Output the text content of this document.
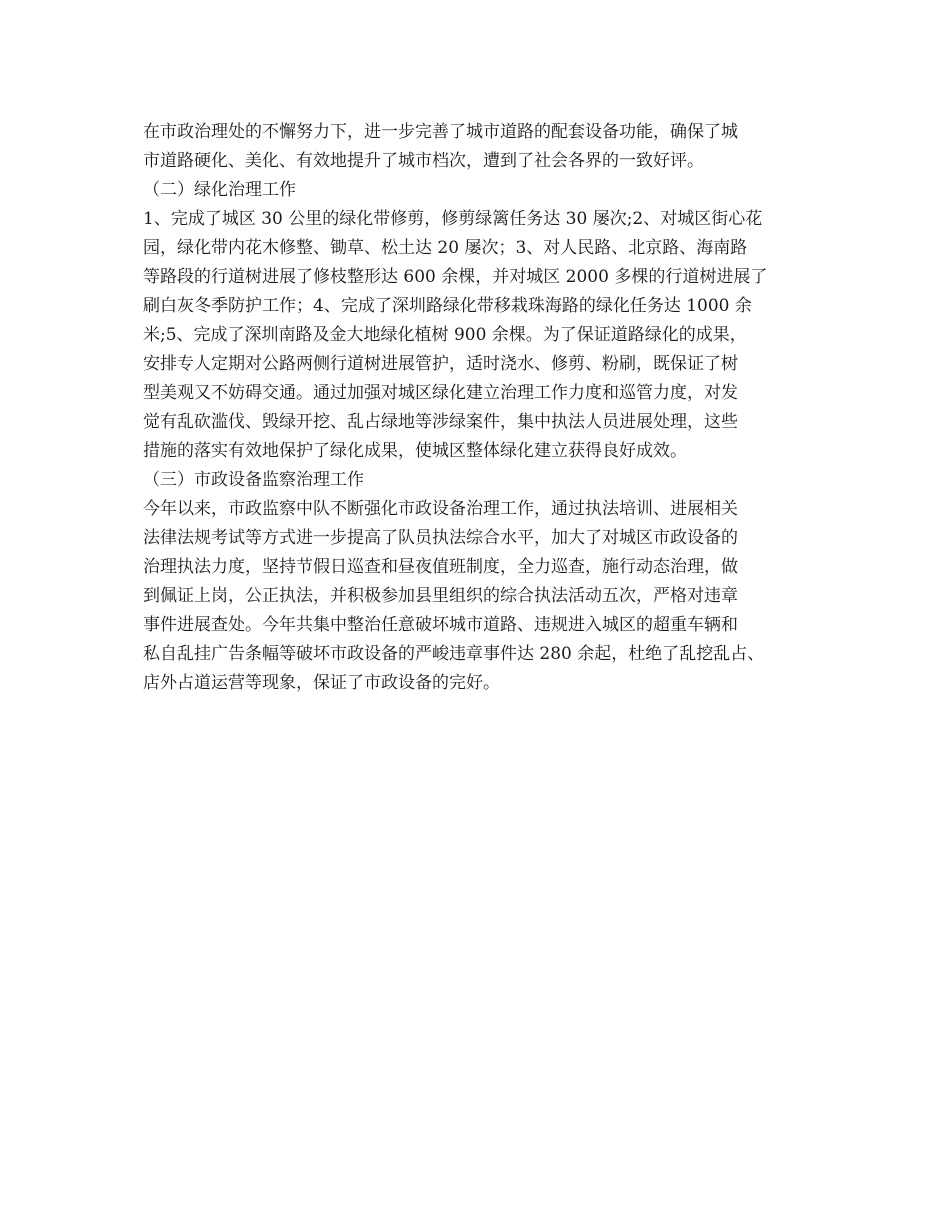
在市政治理处的不懈努力下，进一步完善了城市道路的配套设备功能，确保了城
市道路硬化、美化、有效地提升了城市档次，遭到了社会各界的一致好评。
（二）绿化治理工作
1、完成了城区 30 公里的绿化带修剪，修剪绿篱任务达 30 屡次;2、对城区街心花
园，绿化带内花木修整、锄草、松土达 20 屡次；3、对人民路、北京路、海南路
等路段的行道树进展了修枝整形达 600 余棵，并对城区 2000 多棵的行道树进展了
刷白灰冬季防护工作；4、完成了深圳路绿化带移栽珠海路的绿化任务达 1000 余
米;5、完成了深圳南路及金大地绿化植树 900 余棵。为了保证道路绿化的成果，
安排专人定期对公路两侧行道树进展管护，适时浇水、修剪、粉刷，既保证了树
型美观又不妨碍交通。通过加强对城区绿化建立治理工作力度和巡管力度，对发
觉有乱砍滥伐、毁绿开挖、乱占绿地等涉绿案件，集中执法人员进展处理，这些
措施的落实有效地保护了绿化成果，使城区整体绿化建立获得良好成效。
（三）市政设备监察治理工作
今年以来，市政监察中队不断强化市政设备治理工作，通过执法培训、进展相关
法律法规考试等方式进一步提高了队员执法综合水平，加大了对城区市政设备的
治理执法力度，坚持节假日巡查和昼夜值班制度，全力巡查，施行动态治理，做
到佩证上岗，公正执法，并积极参加县里组织的综合执法活动五次，严格对违章
事件进展查处。今年共集中整治任意破坏城市道路、违规进入城区的超重车辆和
私自乱挂广告条幅等破坏市政设备的严峻违章事件达 280 余起，杜绝了乱挖乱占、
店外占道运营等现象，保证了市政设备的完好。
